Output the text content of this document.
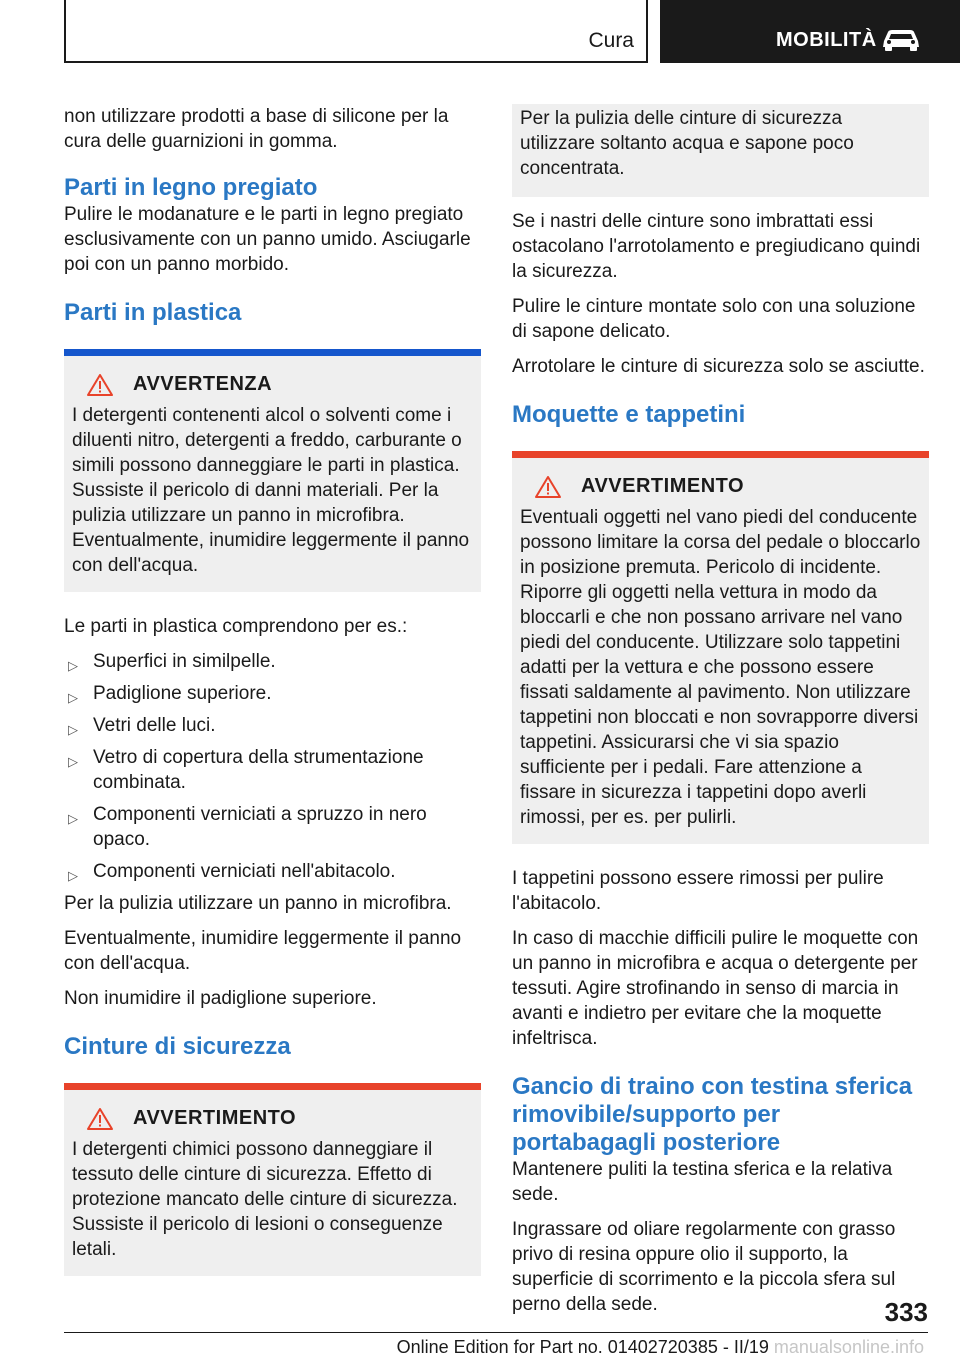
Cura	MOBILITÀ

non utilizzare prodotti a base di silicone per la cura delle guarnizioni in gomma.

Parti in legno pregiato

Pulire le modanature e le parti in legno pregiato esclusivamente con un panno umido. Asciugarle poi con un panno morbido.

Parti in plastica
AVVERTENZA
I detergenti contenenti alcol o solventi come i diluenti nitro, detergenti a freddo, carburante o simili possono danneggiare le parti in plastica. Sussiste il pericolo di danni materiali. Per la pulizia utilizzare un panno in microfibra. Eventualmente, inumidire leggermente il panno con dell'acqua.

Le parti in plastica comprendono per es.:

▷ Superfici in similpelle.
▷ Padiglione superiore.
▷ Vetri delle luci.
▷ Vetro di copertura della strumentazione combinata.
▷ Componenti verniciati a spruzzo in nero opaco.
▷ Componenti verniciati nell'abitacolo.

Per la pulizia utilizzare un panno in microfibra.

Eventualmente, inumidire leggermente il panno con dell'acqua.

Non inumidire il padiglione superiore.

Cinture di sicurezza
AVVERTIMENTO
I detergenti chimici possono danneggiare il tessuto delle cinture di sicurezza. Effetto di protezione mancato delle cinture di sicurezza. Sussiste il pericolo di lesioni o conseguenze letali.
Per la pulizia delle cinture di sicurezza utilizzare soltanto acqua e sapone poco concentrata.

Se i nastri delle cinture sono imbrattati essi ostacolano l'arrotolamento e pregiudicano quindi la sicurezza.

Pulire le cinture montate solo con una soluzione di sapone delicato.

Arrotolare le cinture di sicurezza solo se asciutte.

Moquette e tappetini
AVVERTIMENTO
Eventuali oggetti nel vano piedi del conducente possono limitare la corsa del pedale o bloccarlo in posizione premuta. Pericolo di incidente. Riporre gli oggetti nella vettura in modo da bloccarli e che non possano arrivare nel vano piedi del conducente. Utilizzare solo tappetini adatti per la vettura e che possono essere fissati saldamente al pavimento. Non utilizzare tappetini non bloccati e non sovrapporre diversi tappetini. Assicurarsi che vi sia spazio sufficiente per i pedali. Fare attenzione a fissare in sicurezza i tappetini dopo averli rimossi, per es. per pulirli.

I tappetini possono essere rimossi per pulire l'abitacolo.

In caso di macchie difficili pulire le moquette con un panno in microfibra e acqua o detergente per tessuti. Agire strofinando in senso di marcia in avanti e indietro per evitare che la moquette infeltrisca.

Gancio di traino con testina sferica rimovibile/supporto per portabagagli posteriore

Mantenere puliti la testina sferica e la relativa sede.

Ingrassare od oliare regolarmente con grasso privo di resina oppure olio il supporto, la superficie di scorrimento e la piccola sfera sul perno della sede.	333
Online Edition for Part no. 01402720385 - II/19 manualsonline.info
